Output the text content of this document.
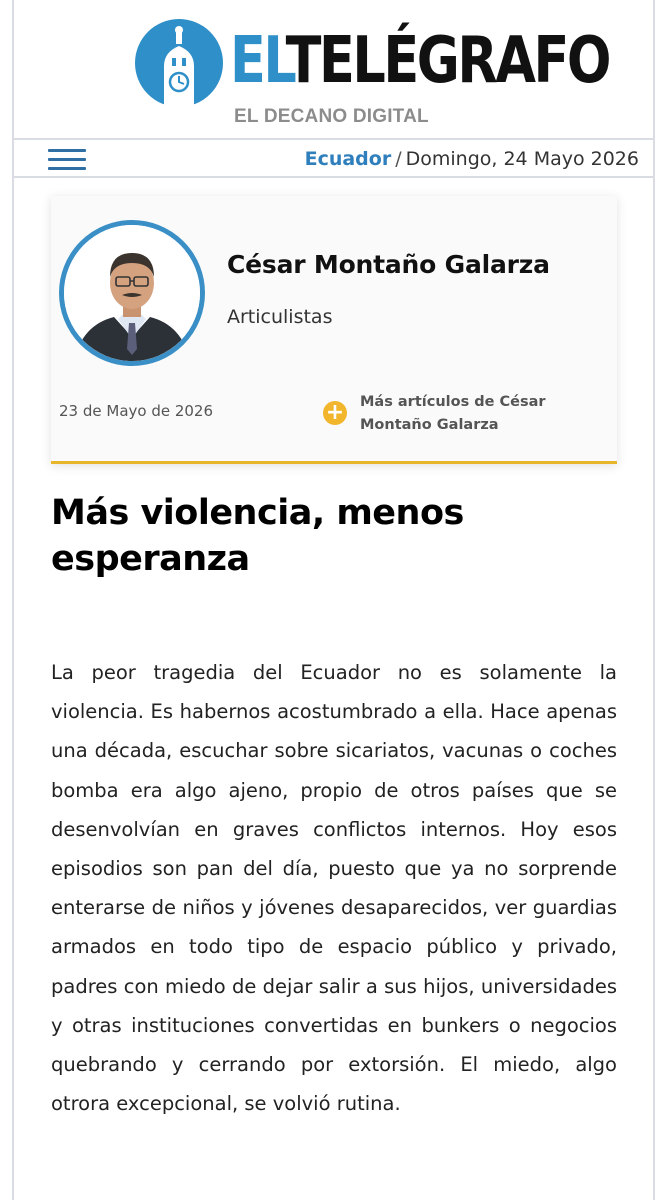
ELTELÉGRAFO
EL DECANO DIGITAL
Ecuador / Domingo, 24 Mayo 2026
César Montaño Galarza
Articulistas
23 de Mayo de 2026	+ Más artículos de César Montaño Galarza
Más violencia, menos esperanza

La peor tragedia del Ecuador no es solamente la violencia. Es habernos acostumbrado a ella. Hace apenas una década, escuchar sobre sicariatos, vacunas o coches bomba era algo ajeno, propio de otros países que se desenvolvían en graves conflictos internos. Hoy esos episodios son pan del día, puesto que ya no sorprende enterarse de niños y jóvenes desaparecidos, ver guardias armados en todo tipo de espacio público y privado, padres con miedo de dejar salir a sus hijos, universidades y otras instituciones convertidas en bunkers o negocios quebrando y cerrando por extorsión. El miedo, algo otrora excepcional, se volvió rutina.
